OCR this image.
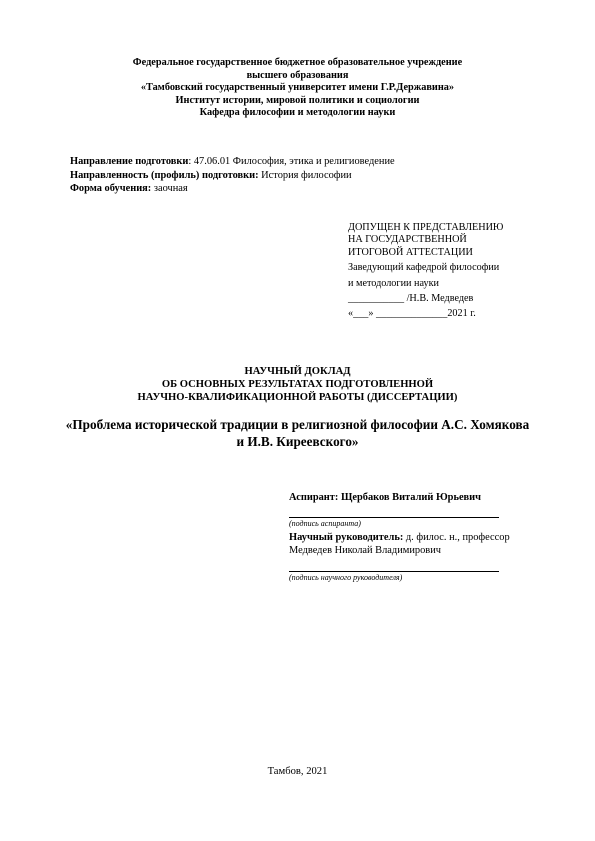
Федеральное государственное бюджетное образовательное учреждение
высшего образования
«Тамбовский государственный университет имени Г.Р.Державина»
Институт истории, мировой политики и социологии
Кафедра философии и методологии науки
Направление подготовки: 47.06.01 Философия, этика и религиоведение
Направленность (профиль) подготовки: История философии
Форма обучения: заочная
ДОПУЩЕН К ПРЕДСТАВЛЕНИЮ
НА ГОСУДАРСТВЕННОЙ
ИТОГОВОЙ АТТЕСТАЦИИ
Заведующий кафедрой философии
и методологии науки
___________ /Н.В. Медведев
«___» ______________2021 г.
НАУЧНЫЙ ДОКЛАД
ОБ ОСНОВНЫХ РЕЗУЛЬТАТАХ ПОДГОТОВЛЕННОЙ
НАУЧНО-КВАЛИФИКАЦИОННОЙ РАБОТЫ (ДИССЕРТАЦИИ)
«Проблема исторической традиции в религиозной философии А.С. Хомякова
и И.В. Киреевского»
Аспирант: Щербаков Виталий Юрьевич
(подпись аспиранта)
Научный руководитель: д. филос. н., профессор
Медведев Николай Владимирович
(подпись научного руководителя)
Тамбов, 2021
